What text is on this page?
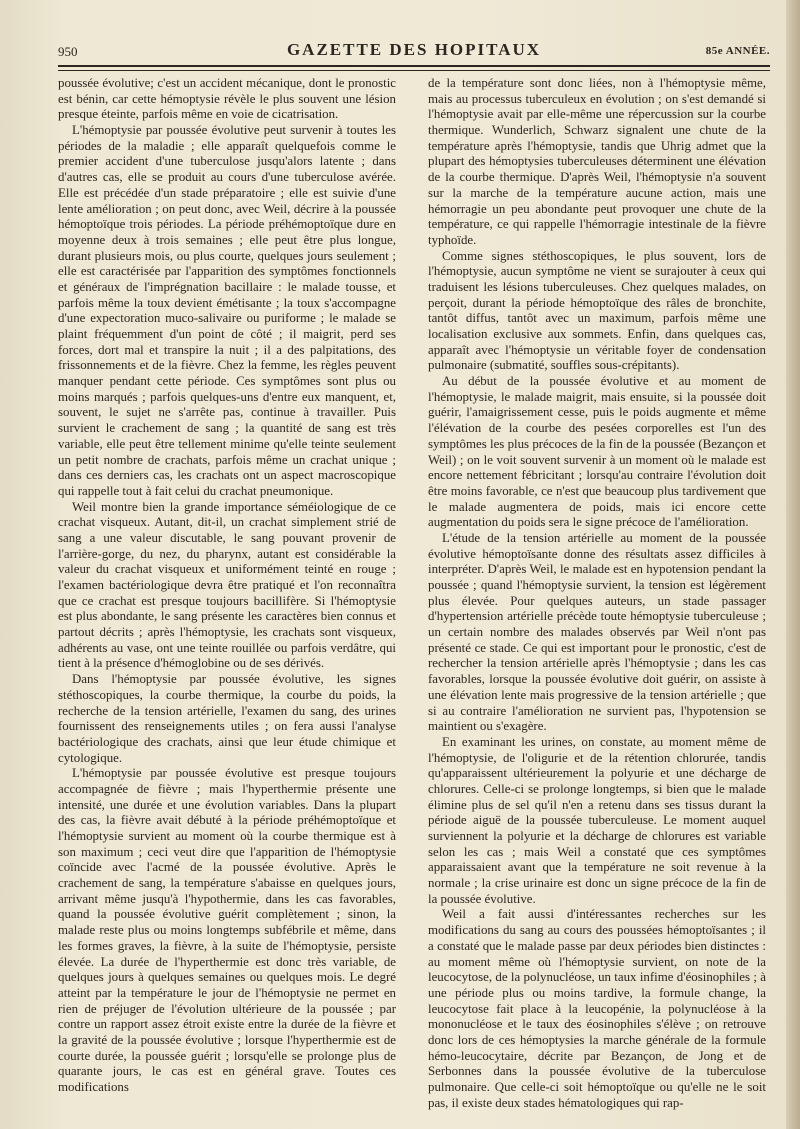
950	GAZETTE DES HOPITAUX	85e ANNÉE.

poussée évolutive; c'est un accident mécanique, dont le pronostic est bénin, car cette hémoptysie révèle le plus souvent une lésion presque éteinte, parfois même en voie de cicatrisation.

L'hémoptysie par poussée évolutive peut survenir à toutes les périodes de la maladie ; elle apparaît quelquefois comme le premier accident d'une tuberculose jusqu'alors latente ; dans d'autres cas, elle se produit au cours d'une tuberculose avérée. Elle est précédée d'un stade préparatoire ; elle est suivie d'une lente amélioration ; on peut donc, avec Weil, décrire à la poussée hémoptoïque trois périodes. La période préhémoptoïque dure en moyenne deux à trois semaines ; elle peut être plus longue, durant plusieurs mois, ou plus courte, quelques jours seulement ; elle est caractérisée par l'apparition des symptômes fonctionnels et généraux de l'imprégnation bacillaire : le malade tousse, et parfois même la toux devient émétisante ; la toux s'accompagne d'une expectoration muco-salivaire ou puriforme ; le malade se plaint fréquemment d'un point de côté ; il maigrit, perd ses forces, dort mal et transpire la nuit ; il a des palpitations, des frissonnements et de la fièvre. Chez la femme, les règles peuvent manquer pendant cette période. Ces symptômes sont plus ou moins marqués ; parfois quelques-uns d'entre eux manquent, et, souvent, le sujet ne s'arrête pas, continue à travailler. Puis survient le crachement de sang ; la quantité de sang est très variable, elle peut être tellement minime qu'elle teinte seulement un petit nombre de crachats, parfois même un crachat unique ; dans ces derniers cas, les crachats ont un aspect macroscopique qui rappelle tout à fait celui du crachat pneumonique.

Weil montre bien la grande importance séméiologique de ce crachat visqueux. Autant, dit-il, un crachat simplement strié de sang a une valeur discutable, le sang pouvant provenir de l'arrière-gorge, du nez, du pharynx, autant est considérable la valeur du crachat visqueux et uniformément teinté en rouge ; l'examen bactériologique devra être pratiqué et l'on reconnaîtra que ce crachat est presque toujours bacillifère. Si l'hémoptysie est plus abondante, le sang présente les caractères bien connus et partout décrits ; après l'hémoptysie, les crachats sont visqueux, adhérents au vase, ont une teinte rouillée ou parfois verdâtre, qui tient à la présence d'hémoglobine ou de ses dérivés.

Dans l'hémoptysie par poussée évolutive, les signes stéthoscopiques, la courbe thermique, la courbe du poids, la recherche de la tension artérielle, l'examen du sang, des urines fournissent des renseignements utiles ; on fera aussi l'analyse bactériologique des crachats, ainsi que leur étude chimique et cytologique.

L'hémoptysie par poussée évolutive est presque toujours accompagnée de fièvre ; mais l'hyperthermie présente une intensité, une durée et une évolution variables. Dans la plupart des cas, la fièvre avait débuté à la période préhémoptoïque et l'hémoptysie survient au moment où la courbe thermique est à son maximum ; ceci veut dire que l'apparition de l'hémoptysie coïncide avec l'acmé de la poussée évolutive. Après le crachement de sang, la température s'abaisse en quelques jours, arrivant même jusqu'à l'hypothermie, dans les cas favorables, quand la poussée évolutive guérit complètement ; sinon, la malade reste plus ou moins longtemps subfébrile et même, dans les formes graves, la fièvre, à la suite de l'hémoptysie, persiste élevée. La durée de l'hyperthermie est donc très variable, de quelques jours à quelques semaines ou quelques mois. Le degré atteint par la température le jour de l'hémoptysie ne permet en rien de préjuger de l'évolution ultérieure de la poussée ; par contre un rapport assez étroit existe entre la durée de la fièvre et la gravité de la poussée évolutive ; lorsque l'hyperthermie est de courte durée, la poussée guérit ; lorsqu'elle se prolonge plus de quarante jours, le cas est en général grave. Toutes ces modifications

de la température sont donc liées, non à l'hémoptysie même, mais au processus tuberculeux en évolution ; on s'est demandé si l'hémoptysie avait par elle-même une répercussion sur la courbe thermique. Wunderlich, Schwarz signalent une chute de la température après l'hémoptysie, tandis que Uhrig admet que la plupart des hémoptysies tuberculeuses déterminent une élévation de la courbe thermique. D'après Weil, l'hémoptysie n'a souvent sur la marche de la température aucune action, mais une hémorragie un peu abondante peut provoquer une chute de la température, ce qui rappelle l'hémorragie intestinale de la fièvre typhoïde.

Comme signes stéthoscopiques, le plus souvent, lors de l'hémoptysie, aucun symptôme ne vient se surajouter à ceux qui traduisent les lésions tuberculeuses. Chez quelques malades, on perçoit, durant la période hémoptoïque des râles de bronchite, tantôt diffus, tantôt avec un maximum, parfois même une localisation exclusive aux sommets. Enfin, dans quelques cas, apparaît avec l'hémoptysie un véritable foyer de condensation pulmonaire (submatité, souffles sous-crépitants).

Au début de la poussée évolutive et au moment de l'hémoptysie, le malade maigrit, mais ensuite, si la poussée doit guérir, l'amaigrissement cesse, puis le poids augmente et même l'élévation de la courbe des pesées corporelles est l'un des symptômes les plus précoces de la fin de la poussée (Bezançon et Weil) ; on le voit souvent survenir à un moment où le malade est encore nettement fébricitant ; lorsqu'au contraire l'évolution doit être moins favorable, ce n'est que beaucoup plus tardivement que le malade augmentera de poids, mais ici encore cette augmentation du poids sera le signe précoce de l'amélioration.

L'étude de la tension artérielle au moment de la poussée évolutive hémoptoïsante donne des résultats assez difficiles à interpréter. D'après Weil, le malade est en hypotension pendant la poussée ; quand l'hémoptysie survient, la tension est légèrement plus élevée. Pour quelques auteurs, un stade passager d'hypertension artérielle précède toute hémoptysie tuberculeuse ; un certain nombre des malades observés par Weil n'ont pas présenté ce stade. Ce qui est important pour le pronostic, c'est de rechercher la tension artérielle après l'hémoptysie ; dans les cas favorables, lorsque la poussée évolutive doit guérir, on assiste à une élévation lente mais progressive de la tension artérielle ; que si au contraire l'amélioration ne survient pas, l'hypotension se maintient ou s'exagère.

En examinant les urines, on constate, au moment même de l'hémoptysie, de l'oligurie et de la rétention chlorurée, tandis qu'apparaissent ultérieurement la polyurie et une décharge de chlorures. Celle-ci se prolonge longtemps, si bien que le malade élimine plus de sel qu'il n'en a retenu dans ses tissus durant la période aiguë de la poussée tuberculeuse. Le moment auquel surviennent la polyurie et la décharge de chlorures est variable selon les cas ; mais Weil a constaté que ces symptômes apparaissaient avant que la température ne soit revenue à la normale ; la crise urinaire est donc un signe précoce de la fin de la poussée évolutive.

Weil a fait aussi d'intéressantes recherches sur les modifications du sang au cours des poussées hémoptoïsantes ; il a constaté que le malade passe par deux périodes bien distinctes : au moment même où l'hémoptysie survient, on note de la leucocytose, de la polynucléose, un taux infime d'éosinophiles ; à une période plus ou moins tardive, la formule change, la leucocytose fait place à la leucopénie, la polynucléose à la mononucléose et le taux des éosinophiles s'élève ; on retrouve donc lors de ces hémoptysies la marche générale de la formule hémo-leucocytaire, décrite par Bezançon, de Jong et de Serbonnes dans la poussée évolutive de la tuberculose pulmonaire. Que celle-ci soit hémoptoïque ou qu'elle ne le soit pas, il existe deux stades hématologiques qui rap-
